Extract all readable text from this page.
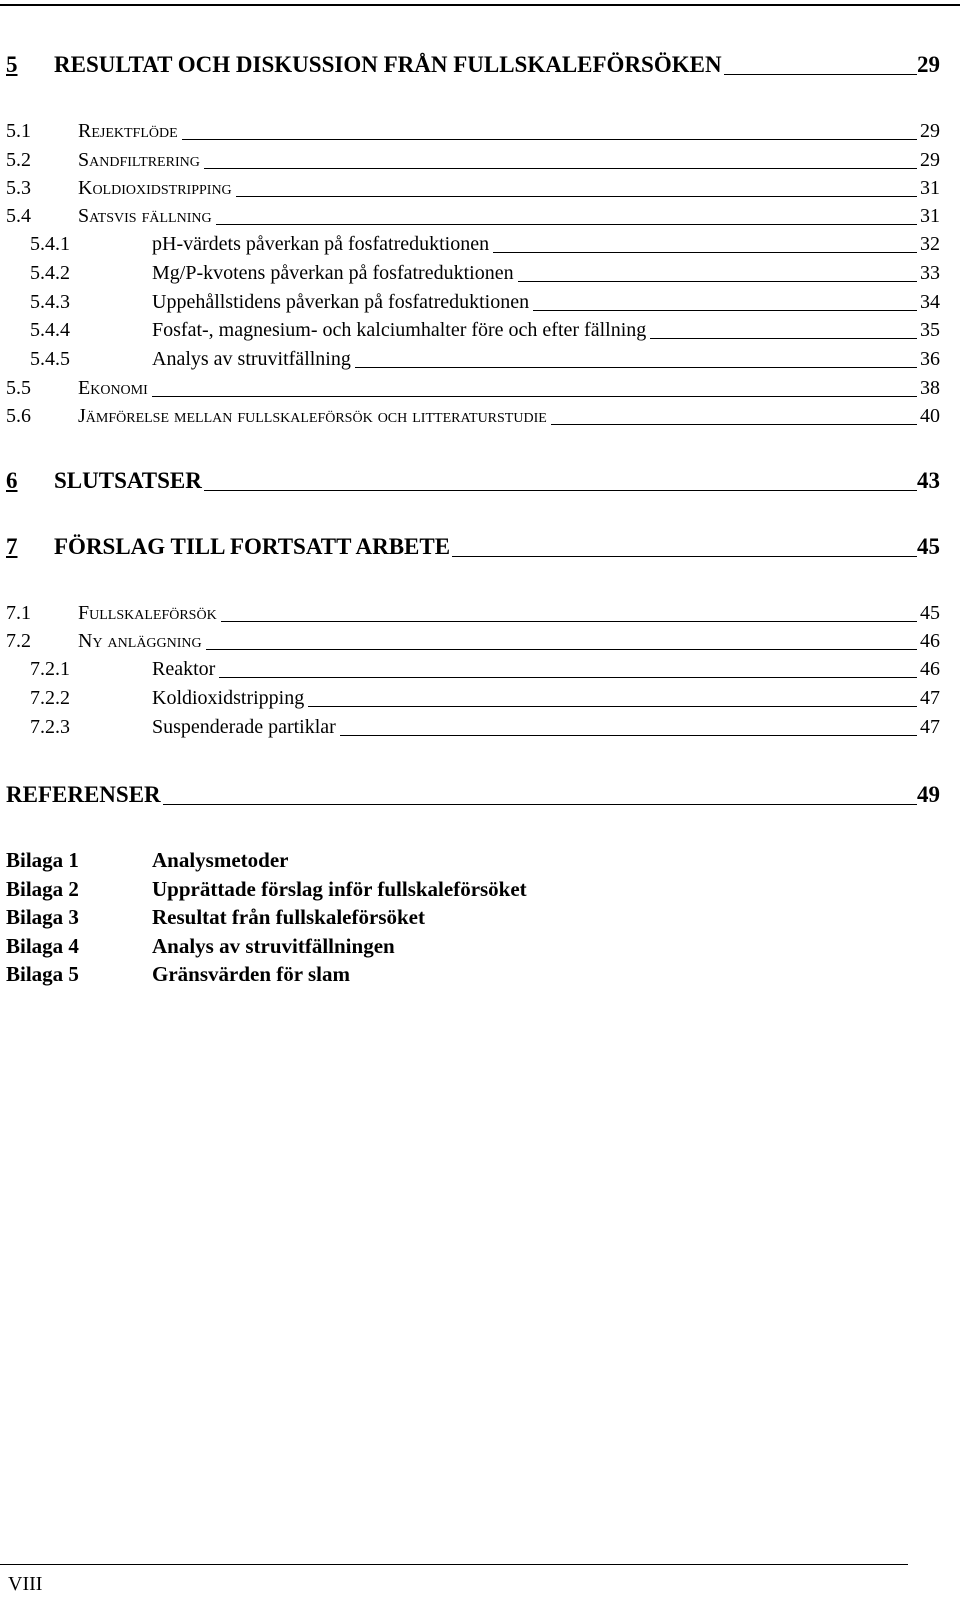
5	RESULTAT OCH DISKUSSION FRÅN FULLSKALEFÖRSÖKEN	29
5.1	Rejektflöde	29
5.2	Sandfiltrering	29
5.3	Koldioxidstripping	31
5.4	Satsvis fällning	31
5.4.1	pH-värdets påverkan på fosfatreduktionen	32
5.4.2	Mg/P-kvotens påverkan på fosfatreduktionen	33
5.4.3	Uppehållstidens påverkan på fosfatreduktionen	34
5.4.4	Fosfat-, magnesium- och kalciumhalter före och efter fällning	35
5.4.5	Analys av struvitfällning	36
5.5	Ekonomi	38
5.6	Jämförelse mellan fullskaleförsök och litteraturstudie	40
6	SLUTSATSER	43
7	FÖRSLAG TILL FORTSATT ARBETE	45
7.1	Fullskaleförsök	45
7.2	Ny anläggning	46
7.2.1	Reaktor	46
7.2.2	Koldioxidstripping	47
7.2.3	Suspenderade partiklar	47
REFERENSER	49
Bilaga 1	Analysmetoder
Bilaga 2	Upprättade förslag inför fullskaleförsöket
Bilaga 3	Resultat från fullskaleförsöket
Bilaga 4	Analys av struvitfällningen
Bilaga 5	Gränsvärden för slam
VIII
